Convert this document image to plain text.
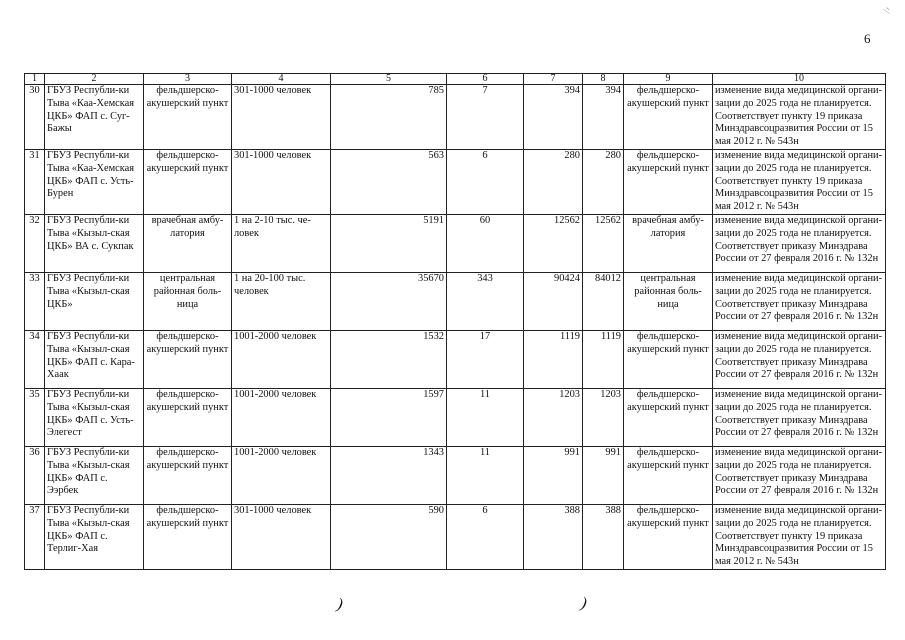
ᐟ⁄
6
1	2	3	4	5	6	7	8	9	10
30	ГБУЗ Республи-ки Тыва «Каа-Хемская ЦКБ» ФАП с. Суг-Бажы	фельдшерско-акушерский пункт	301-1000 человек	785	7	394	394	фельдшерско-акушерский пункт	изменение вида медицинской органи-зации до 2025 года не планируется. Соответствует пункту 19 приказа Минздравсоцразвития России от 15 мая 2012 г. № 543н
31	ГБУЗ Республи-ки Тыва «Каа-Хемская ЦКБ» ФАП с. Усть-Бурен	фельдшерско-акушерский пункт	301-1000 человек	563	6	280	280	фельдшерско-акушерский пункт	изменение вида медицинской органи-зации до 2025 года не планируется. Соответствует пункту 19 приказа Минздравсоцразвития России от 15 мая 2012 г. № 543н
32	ГБУЗ Республи-ки Тыва «Кызыл-ская ЦКБ» ВА с. Сукпак	врачебная амбу-латория	1 на 2-10 тыс. че-ловек	5191	60	12562	12562	врачебная амбу-латория	изменение вида медицинской органи-зации до 2025 года не планируется. Соответствует приказу Минздрава России от 27 февраля 2016 г. № 132н
33	ГБУЗ Республи-ки Тыва «Кызыл-ская ЦКБ»	центральная районная боль-ница	1 на 20-100 тыс. человек	35670	343	90424	84012	центральная районная боль-ница	изменение вида медицинской органи-зации до 2025 года не планируется. Соответствует приказу Минздрава России от 27 февраля 2016 г. № 132н
34	ГБУЗ Республи-ки Тыва «Кызыл-ская ЦКБ» ФАП с. Кара-Хаак	фельдшерско-акушерский пункт	1001-2000 человек	1532	17	1119	1119	фельдшерско-акушерский пункт	изменение вида медицинской органи-зации до 2025 года не планируется. Соответствует приказу Минздрава России от 27 февраля 2016 г. № 132н
35	ГБУЗ Республи-ки Тыва «Кызыл-ская ЦКБ» ФАП с. Усть-Элегест	фельдшерско-акушерский пункт	1001-2000 человек	1597	11	1203	1203	фельдшерско-акушерский пункт	изменение вида медицинской органи-зации до 2025 года не планируется. Соответствует приказу Минздрава России от 27 февраля 2016 г. № 132н
36	ГБУЗ Республи-ки Тыва «Кызыл-ская ЦКБ» ФАП с. Ээрбек	фельдшерско-акушерский пункт	1001-2000 человек	1343	11	991	991	фельдшерско-акушерский пункт	изменение вида медицинской органи-зации до 2025 года не планируется. Соответствует приказу Минздрава России от 27 февраля 2016 г. № 132н
37	ГБУЗ Республи-ки Тыва «Кызыл-ская ЦКБ» ФАП с. Терлиг-Хая	фельдшерско-акушерский пункт	301-1000 человек	590	6	388	388	фельдшерско-акушерский пункт	изменение вида медицинской органи-зации до 2025 года не планируется. Соответствует пункту 19 приказа Минздравсоцразвития России от 15 мая 2012 г. № 543н
)	)
